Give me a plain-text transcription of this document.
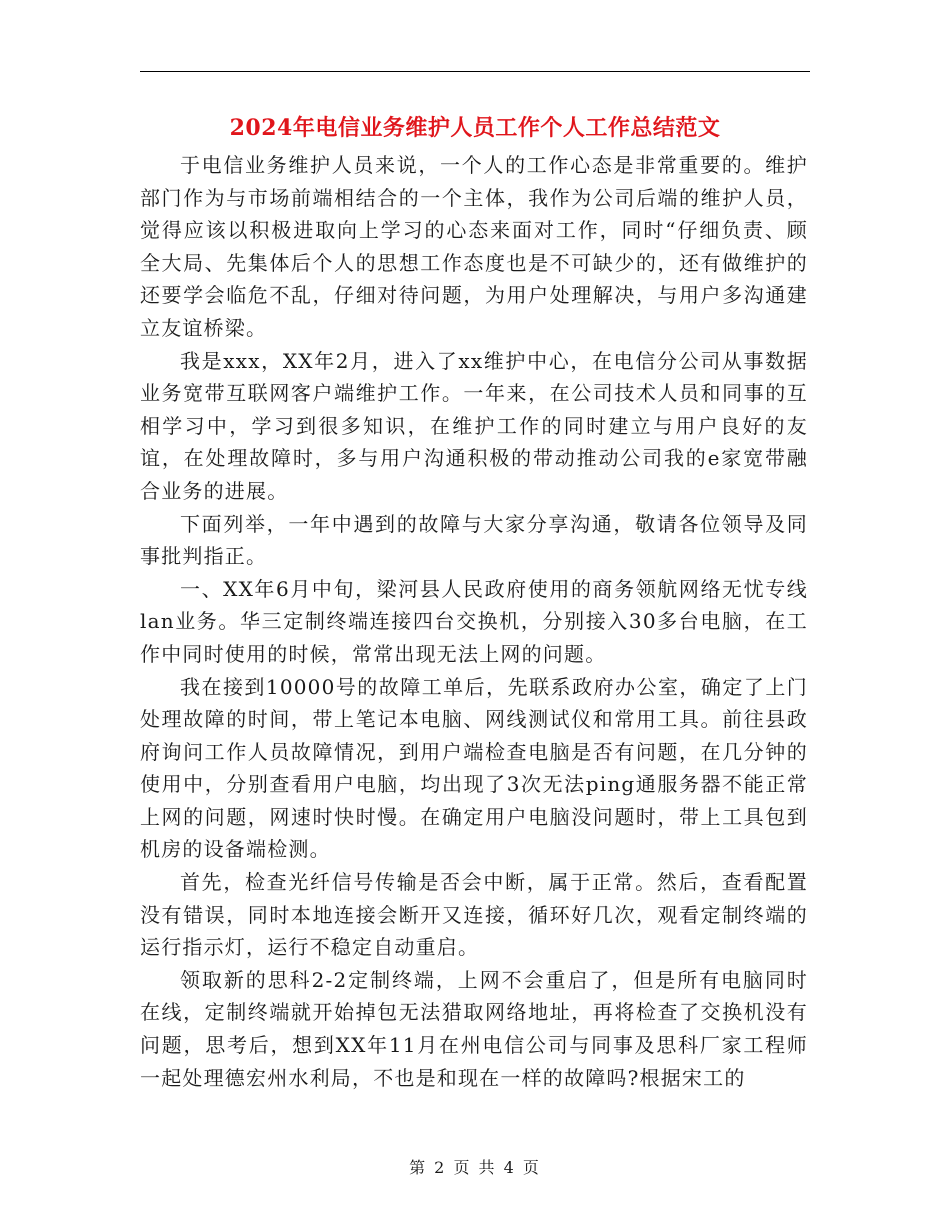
2024年电信业务维护人员工作个人工作总结范文

于电信业务维护人员来说，一个人的工作心态是非常重要的。维护部门作为与市场前端相结合的一个主体，我作为公司后端的维护人员，觉得应该以积极进取向上学习的心态来面对工作，同时“仔细负责、顾全大局、先集体后个人的思想工作态度也是不可缺少的，还有做维护的还要学会临危不乱，仔细对待问题，为用户处理解决，与用户多沟通建立友谊桥梁。

我是xxx，XX年2月，进入了xx维护中心，在电信分公司从事数据业务宽带互联网客户端维护工作。一年来，在公司技术人员和同事的互相学习中，学习到很多知识，在维护工作的同时建立与用户良好的友谊，在处理故障时，多与用户沟通积极的带动推动公司我的e家宽带融合业务的进展。

下面列举，一年中遇到的故障与大家分享沟通，敬请各位领导及同事批判指正。

一、XX年6月中旬，梁河县人民政府使用的商务领航网络无忧专线lan业务。华三定制终端连接四台交换机，分别接入30多台电脑，在工作中同时使用的时候，常常出现无法上网的问题。

我在接到10000号的故障工单后，先联系政府办公室，确定了上门处理故障的时间，带上笔记本电脑、网线测试仪和常用工具。前往县政府询问工作人员故障情况，到用户端检查电脑是否有问题，在几分钟的使用中，分别查看用户电脑，均出现了3次无法ping通服务器不能正常上网的问题，网速时快时慢。在确定用户电脑没问题时，带上工具包到机房的设备端检测。

首先，检查光纤信号传输是否会中断，属于正常。然后，查看配置没有错误，同时本地连接会断开又连接，循环好几次，观看定制终端的运行指示灯，运行不稳定自动重启。

领取新的思科2-2定制终端，上网不会重启了，但是所有电脑同时在线，定制终端就开始掉包无法猎取网络地址，再将检查了交换机没有问题，思考后，想到XX年11月在州电信公司与同事及思科厂家工程师一起处理德宏州水利局，不也是和现在一样的故障吗?根据宋工的

第 2 页 共 4 页
